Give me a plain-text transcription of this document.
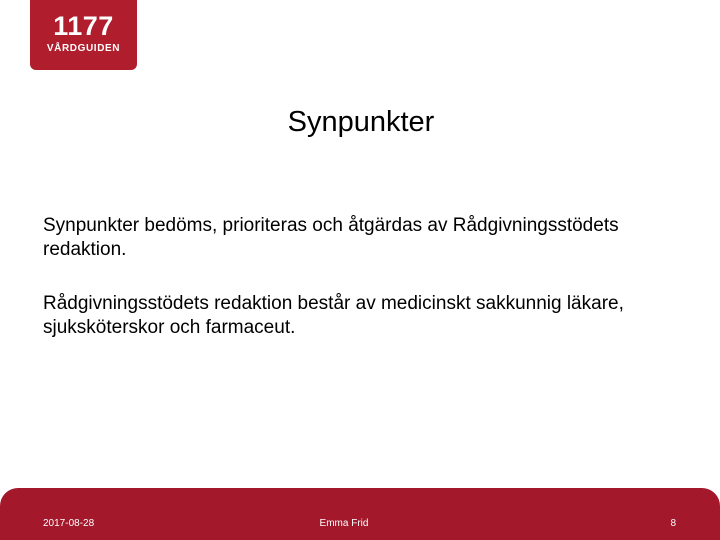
1177
VÅRDGUIDEN
Synpunkter

Synpunkter bedöms, prioriteras och åtgärdas av Rådgivningsstödets redaktion.

Rådgivningsstödets redaktion består av medicinskt sakkunnig läkare, sjuksköterskor och farmaceut.

2017-08-28	Emma Frid	8
